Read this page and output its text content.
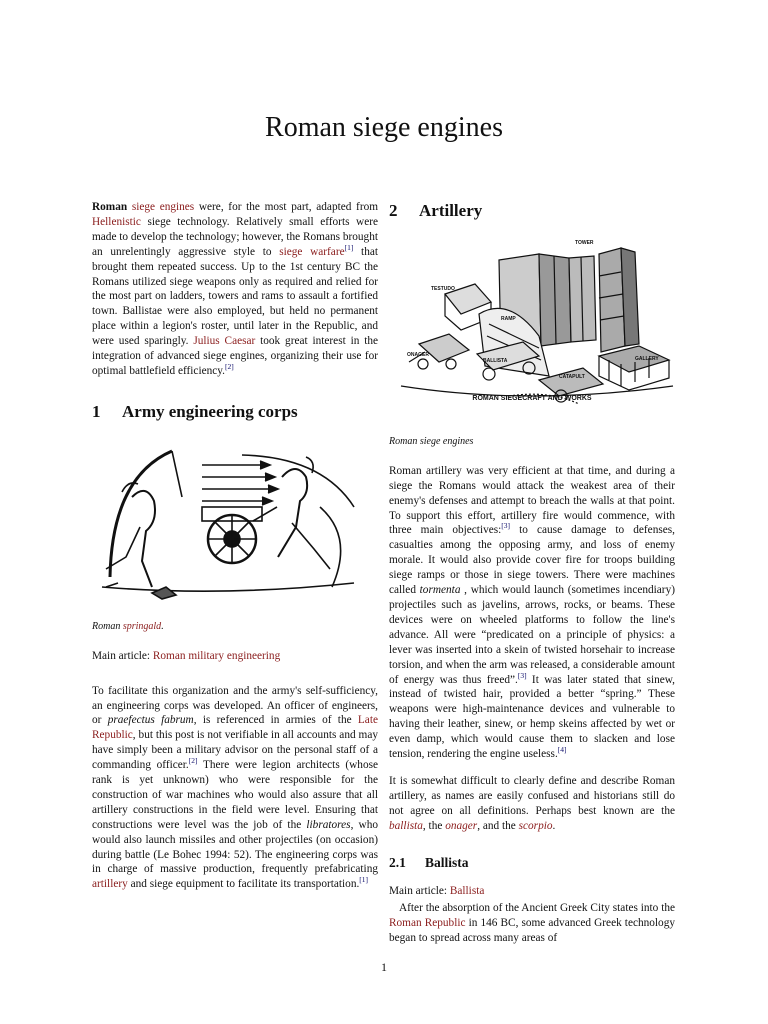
Roman siege engines

Roman siege engines were, for the most part, adapted from Hellenistic siege technology. Relatively small efforts were made to develop the technology; however, the Romans brought an unrelentingly aggressive style to siege warfare[1] that brought them repeated success. Up to the 1st century BC the Romans utilized siege weapons only as required and relied for the most part on ladders, towers and rams to assault a fortified town. Ballistae were also employed, but held no permanent place within a legion's roster, until later in the Republic, and were used sparingly. Julius Caesar took great interest in the integration of advanced siege engines, organizing their use for optimal battlefield efficiency.[2]

1 Army engineering corps
Roman springald.
Main article: Roman military engineering

To facilitate this organization and the army's self-sufficiency, an engineering corps was developed. An officer of engineers, or praefectus fabrum, is referenced in armies of the Late Republic, but this post is not verifiable in all accounts and may have simply been a military advisor on the personal staff of a commanding officer.[2] There were legion architects (whose rank is yet unknown) who were responsible for the construction of war machines who would also assure that all artillery constructions in the field were level. Ensuring that constructions were level was the job of the libratores, who would also launch missiles and other projectiles (on occasion) during battle (Le Bohec 1994: 52). The engineering corps was in charge of massive production, frequently prefabricating artillery and siege equipment to facilitate its transportation.[1]

2 Artillery
TOWER
TESTUDO
RAMP
ONAGER
BALLISTA
CATAPULT
GALLERY
ROMAN SIEGECRAFT AND WORKS
Roman siege engines

Roman artillery was very efficient at that time, and during a siege the Romans would attack the weakest area of their enemy's defenses and attempt to breach the walls at that point. To support this effort, artillery fire would commence, with three main objectives:[3] to cause damage to defenses, casualties among the opposing army, and loss of enemy morale. It would also provide cover fire for troops building siege ramps or those in siege towers. There were machines called tormenta , which would launch (sometimes incendiary) projectiles such as javelins, arrows, rocks, or beams. These devices were on wheeled platforms to follow the line's advance. All were “predicated on a principle of physics: a lever was inserted into a skein of twisted horsehair to increase torsion, and when the arm was released, a considerable amount of energy was thus freed”.[3] It was later stated that sinew, instead of twisted hair, provided a better “spring.” These weapons were high-maintenance devices and vulnerable to having their leather, sinew, or hemp skeins affected by wet or even damp, which would cause them to slacken and lose tension, rendering the engine useless.[4]

It is somewhat difficult to clearly define and describe Roman artillery, as names are easily confused and historians still do not agree on all definitions. Perhaps best known are the ballista, the onager, and the scorpio.

2.1 Ballista
Main article: Ballista

After the absorption of the Ancient Greek City states into the Roman Republic in 146 BC, some advanced Greek technology began to spread across many areas of

1
